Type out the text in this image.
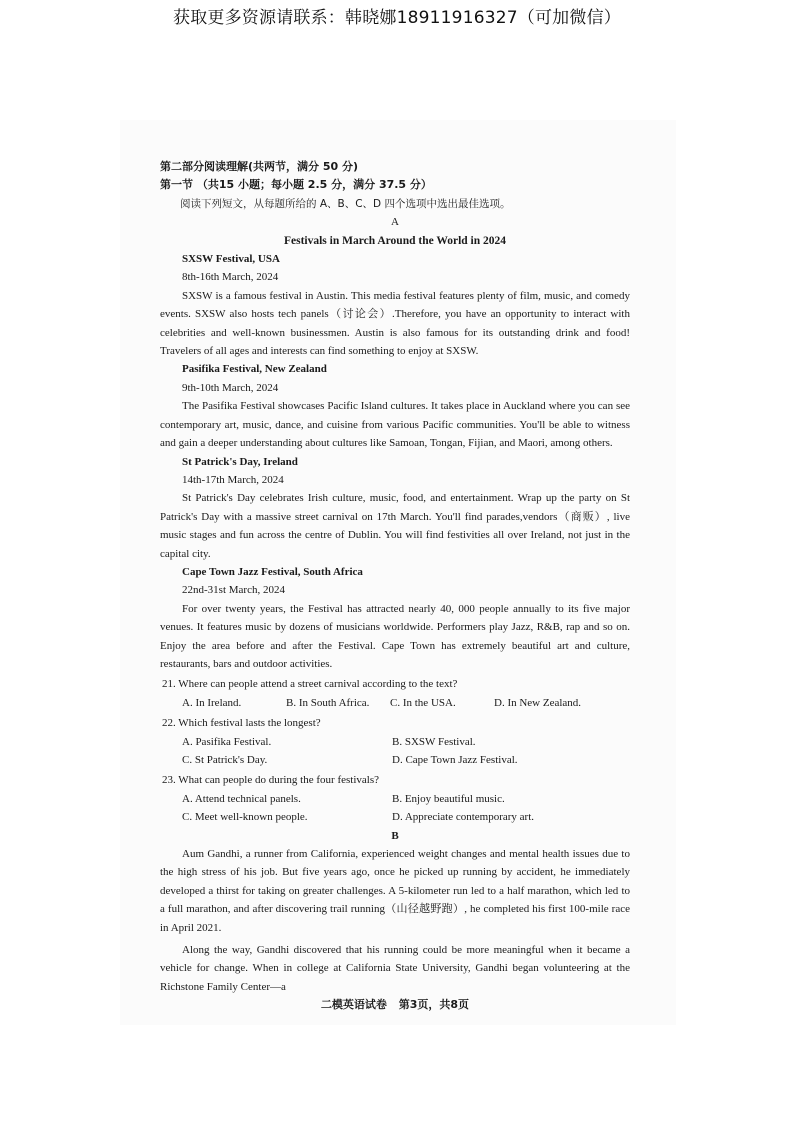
获取更多资源请联系：韩晓娜18911916327（可加微信）

第二部分阅读理解(共两节，满分 50 分)

第一节 （共15 小题；每小题 2.5 分，满分 37.5 分）

阅读下列短文，从每题所给的 A、B、C、D 四个选项中选出最佳选项。

A

Festivals in March Around the World in 2024

SXSW Festival, USA

8th-16th March, 2024

SXSW is a famous festival in Austin. This media festival features plenty of film, music, and comedy events. SXSW also hosts tech panels（讨论会）.Therefore, you have an opportunity to interact with celebrities and well-known businessmen. Austin is also famous for its outstanding drink and food! Travelers of all ages and interests can find something to enjoy at SXSW.

Pasifika Festival, New Zealand

9th-10th March, 2024

The Pasifika Festival showcases Pacific Island cultures. It takes place in Auckland where you can see contemporary art, music, dance, and cuisine from various Pacific communities. You'll be able to witness and gain a deeper understanding about cultures like Samoan, Tongan, Fijian, and Maori, among others.

St Patrick's Day, Ireland

14th-17th March, 2024

St Patrick's Day celebrates Irish culture, music, food, and entertainment. Wrap up the party on St Patrick's Day with a massive street carnival on 17th March. You'll find parades,vendors（商贩）, live music stages and fun across the centre of Dublin. You will find festivities all over Ireland, not just in the capital city.

Cape Town Jazz Festival, South Africa

22nd-31st March, 2024

For over twenty years, the Festival has attracted nearly 40, 000 people annually to its five major venues. It features music by dozens of musicians worldwide. Performers play Jazz, R&B, rap and so on. Enjoy the area before and after the Festival. Cape Town has extremely beautiful art and culture, restaurants, bars and outdoor activities.

21. Where can people attend a street carnival according to the text?

A. In Ireland.	B. In South Africa.	C. In the USA.	D. In New Zealand.

22. Which festival lasts the longest?

A. Pasifika Festival.	B. SXSW Festival.
C. St Patrick's Day.	D. Cape Town Jazz Festival.

23. What can people do during the four festivals?

A. Attend technical panels.	B. Enjoy beautiful music.
C. Meet well-known people.	D. Appreciate contemporary art.

B

Aum Gandhi, a runner from California, experienced weight changes and mental health issues due to the high stress of his job. But five years ago, once he picked up running by accident, he immediately developed a thirst for taking on greater challenges. A 5-kilometer run led to a half marathon, which led to a full marathon, and after discovering trail running（山径越野跑）, he completed his first 100-mile race in April 2021.

Along the way, Gandhi discovered that his running could be more meaningful when it became a vehicle for change. When in college at California State University, Gandhi began volunteering at the Richstone Family Center—a

二模英语试卷 第3页，共8页
